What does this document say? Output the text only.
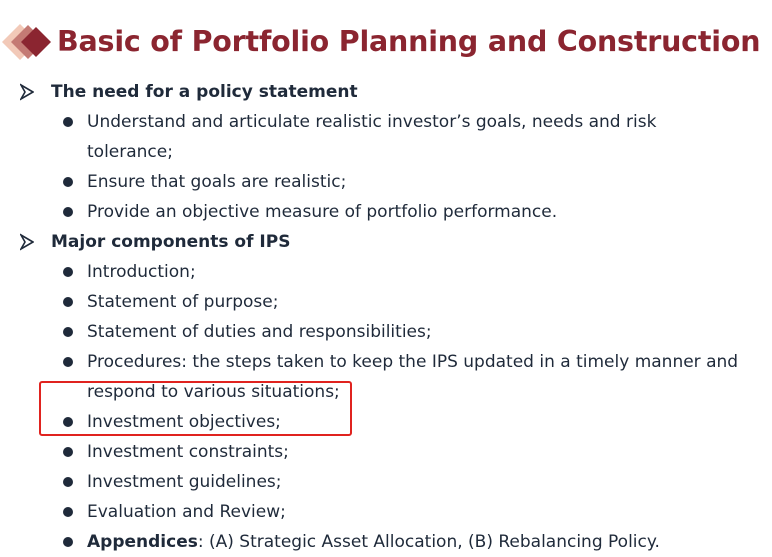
Basic of Portfolio Planning and Construction
The need for a policy statement
Understand and articulate realistic investor’s goals, needs and risk tolerance;
Ensure that goals are realistic;
Provide an objective measure of portfolio performance.
Major components of IPS
Introduction;
Statement of purpose;
Statement of duties and responsibilities;
Procedures: the steps taken to keep the IPS updated in a timely manner and respond to various situations;
Investment objectives;
Investment constraints;
Investment guidelines;
Evaluation and Review;
Appendices: (A) Strategic Asset Allocation, (B) Rebalancing Policy.
